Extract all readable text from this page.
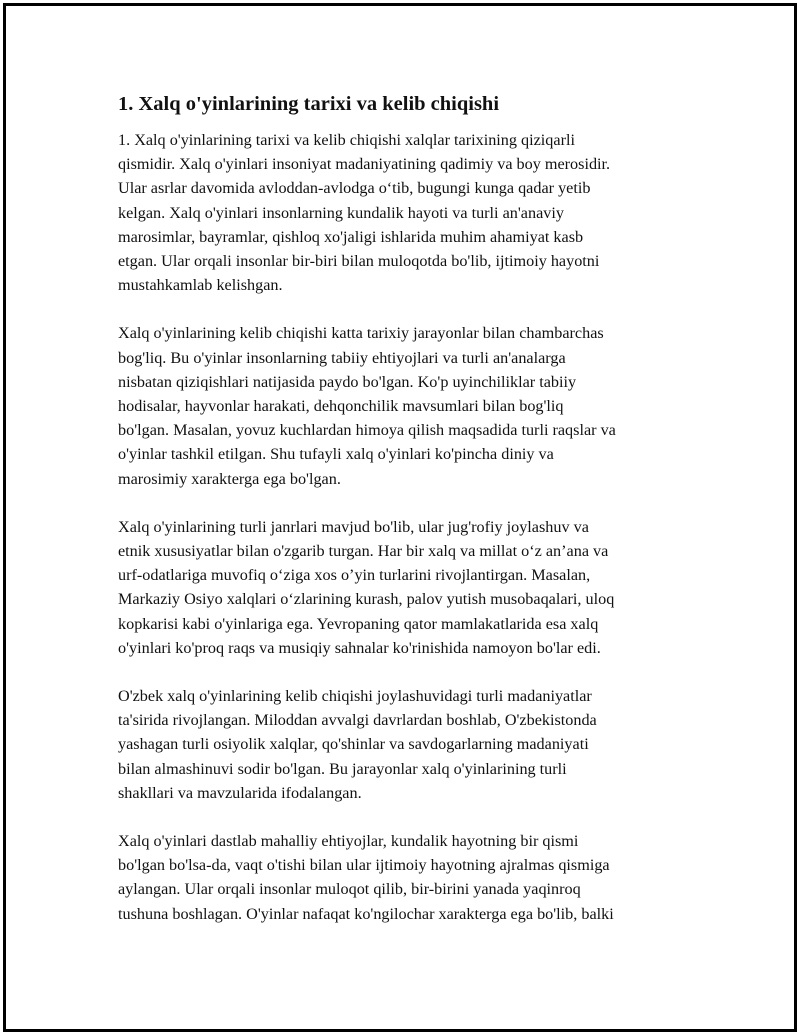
1. Xalq o'yinlarining tarixi va kelib chiqishi

1. Xalq o'yinlarining tarixi va kelib chiqishi xalqlar tarixining qiziqarli
qismidir. Xalq o'yinlari insoniyat madaniyatining qadimiy va boy merosidir.
Ular asrlar davomida avloddan-avlodga o‘tib, bugungi kunga qadar yetib
kelgan. Xalq o'yinlari insonlarning kundalik hayoti va turli an'anaviy
marosimlar, bayramlar, qishloq xo'jaligi ishlarida muhim ahamiyat kasb
etgan. Ular orqali insonlar bir-biri bilan muloqotda bo'lib, ijtimoiy hayotni
mustahkamlab kelishgan.

Xalq o'yinlarining kelib chiqishi katta tarixiy jarayonlar bilan chambarchas
bog'liq. Bu o'yinlar insonlarning tabiiy ehtiyojlari va turli an'analarga
nisbatan qiziqishlari natijasida paydo bo'lgan. Ko'p uyinchiliklar tabiiy
hodisalar, hayvonlar harakati, dehqonchilik mavsumlari bilan bog'liq
bo'lgan. Masalan, yovuz kuchlardan himoya qilish maqsadida turli raqslar va
o'yinlar tashkil etilgan. Shu tufayli xalq o'yinlari ko'pincha diniy va
marosimiy xarakterga ega bo'lgan.

Xalq o'yinlarining turli janrlari mavjud bo'lib, ular jug'rofiy joylashuv va
etnik xususiyatlar bilan o'zgarib turgan. Har bir xalq va millat o‘z an’ana va
urf-odatlariga muvofiq o‘ziga xos o’yin turlarini rivojlantirgan. Masalan,
Markaziy Osiyo xalqlari o‘zlarining kurash, palov yutish musobaqalari, uloq
kopkarisi kabi o'yinlariga ega. Yevropaning qator mamlakatlarida esa xalq
o'yinlari ko'proq raqs va musiqiy sahnalar ko'rinishida namoyon bo'lar edi.

O'zbek xalq o'yinlarining kelib chiqishi joylashuvidagi turli madaniyatlar
ta'sirida rivojlangan. Miloddan avvalgi davrlardan boshlab, O'zbekistonda
yashagan turli osiyolik xalqlar, qo'shinlar va savdogarlarning madaniyati
bilan almashinuvi sodir bo'lgan. Bu jarayonlar xalq o'yinlarining turli
shakllari va mavzularida ifodalangan.

Xalq o'yinlari dastlab mahalliy ehtiyojlar, kundalik hayotning bir qismi
bo'lgan bo'lsa-da, vaqt o'tishi bilan ular ijtimoiy hayotning ajralmas qismiga
aylangan. Ular orqali insonlar muloqot qilib, bir-birini yanada yaqinroq
tushuna boshlagan. O'yinlar nafaqat ko'ngilochar xarakterga ega bo'lib, balki
